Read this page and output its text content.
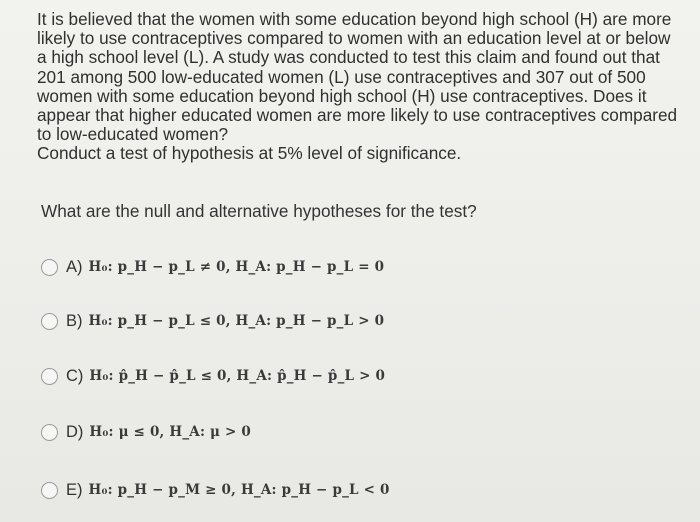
It is believed that the women with some education beyond high school (H) are more
likely to use contraceptives compared to women with an education level at or below
a high school level (L). A study was conducted to test this claim and found out that
201 among 500 low-educated women (L) use contraceptives and 307 out of 500
women with some education beyond high school (H) use contraceptives. Does it
appear that higher educated women are more likely to use contraceptives compared
to low-educated women?
Conduct a test of hypothesis at 5% level of significance.
What are the null and alternative hypotheses for the test?
A) H₀: p_H − p_L ≠ 0, H_A: p_H − p_L = 0
B) H₀: p_H − p_L ≤ 0, H_A: p_H − p_L > 0
C) H₀: p̂_H − p̂_L ≤ 0, H_A: p̂_H − p̂_L > 0
D) H₀: μ ≤ 0, H_A: μ > 0
E) H₀: p_H − p_M ≥ 0, H_A: p_H − p_L < 0
